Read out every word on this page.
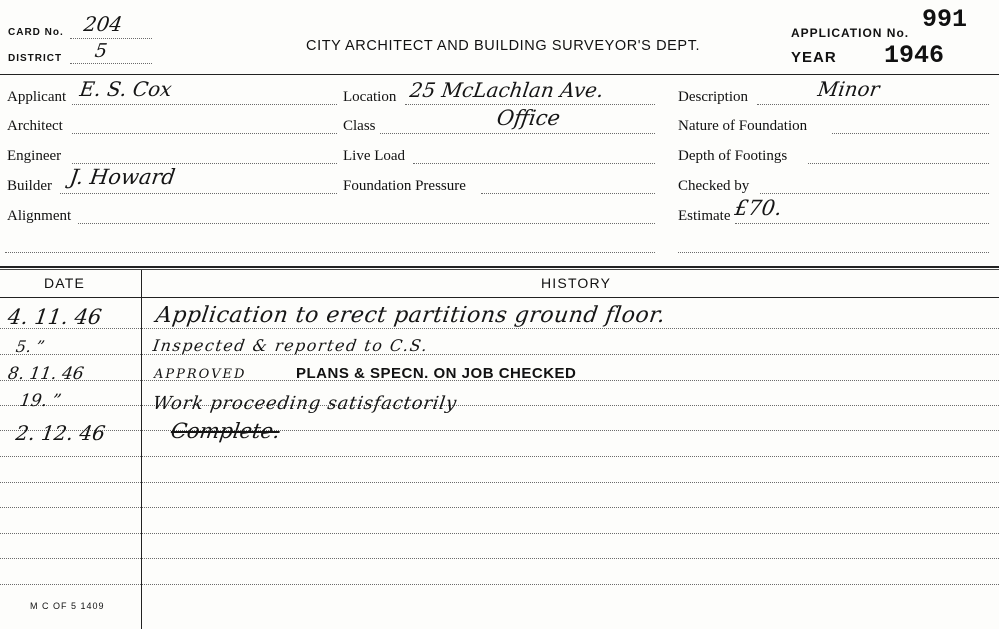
CARD No. 204
DISTRICT 5	CITY ARCHITECT AND BUILDING SURVEYOR'S DEPT.
APPLICATION No. 991
YEAR 1946
Applicant E. S. Cox	Location 25 McLachlan Ave.	Description	Minor
Architect	Class	Office	Nature of Foundation
Engineer	Live Load	Depth of Footings
Builder J. Howard	Foundation Pressure	Checked by
Alignment	Estimate £70.
DATE	HISTORY
4. 11. 46 Application to erect partitions ground floor.
5. ”	Inspected & reported to C.S.
8. 11. 46	APPROVED	PLANS & SPECN. ON JOB CHECKED
19. ”	Work proceeding satisfactorily
2. 12. 46	Complete.
M C OF 5 1409
